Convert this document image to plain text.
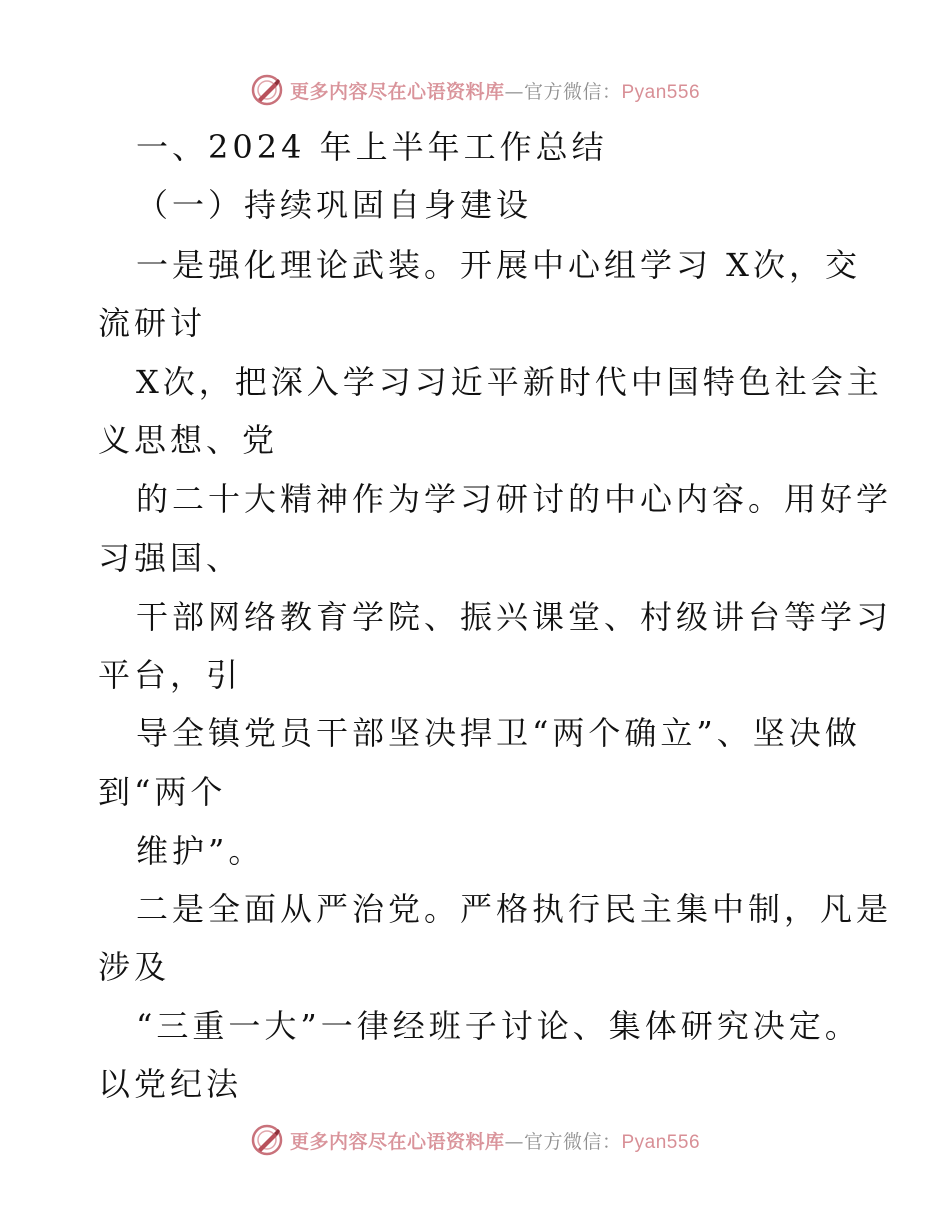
更多内容尽在心语资料库—官方微信：Pyan556
一、2024 年上半年工作总结
（一）持续巩固自身建设
一是强化理论武装。开展中心组学习 X次，交
流研讨
X次，把深入学习习近平新时代中国特色社会主
义思想、党
的二十大精神作为学习研讨的中心内容。用好学
习强国、
干部网络教育学院、振兴课堂、村级讲台等学习
平台，引
导全镇党员干部坚决捍卫“两个确立”、坚决做
到“两个
维护”。
二是全面从严治党。严格执行民主集中制，凡是
涉及
“三重一大”一律经班子讨论、集体研究决定。
以党纪法
更多内容尽在心语资料库—官方微信：Pyan556
